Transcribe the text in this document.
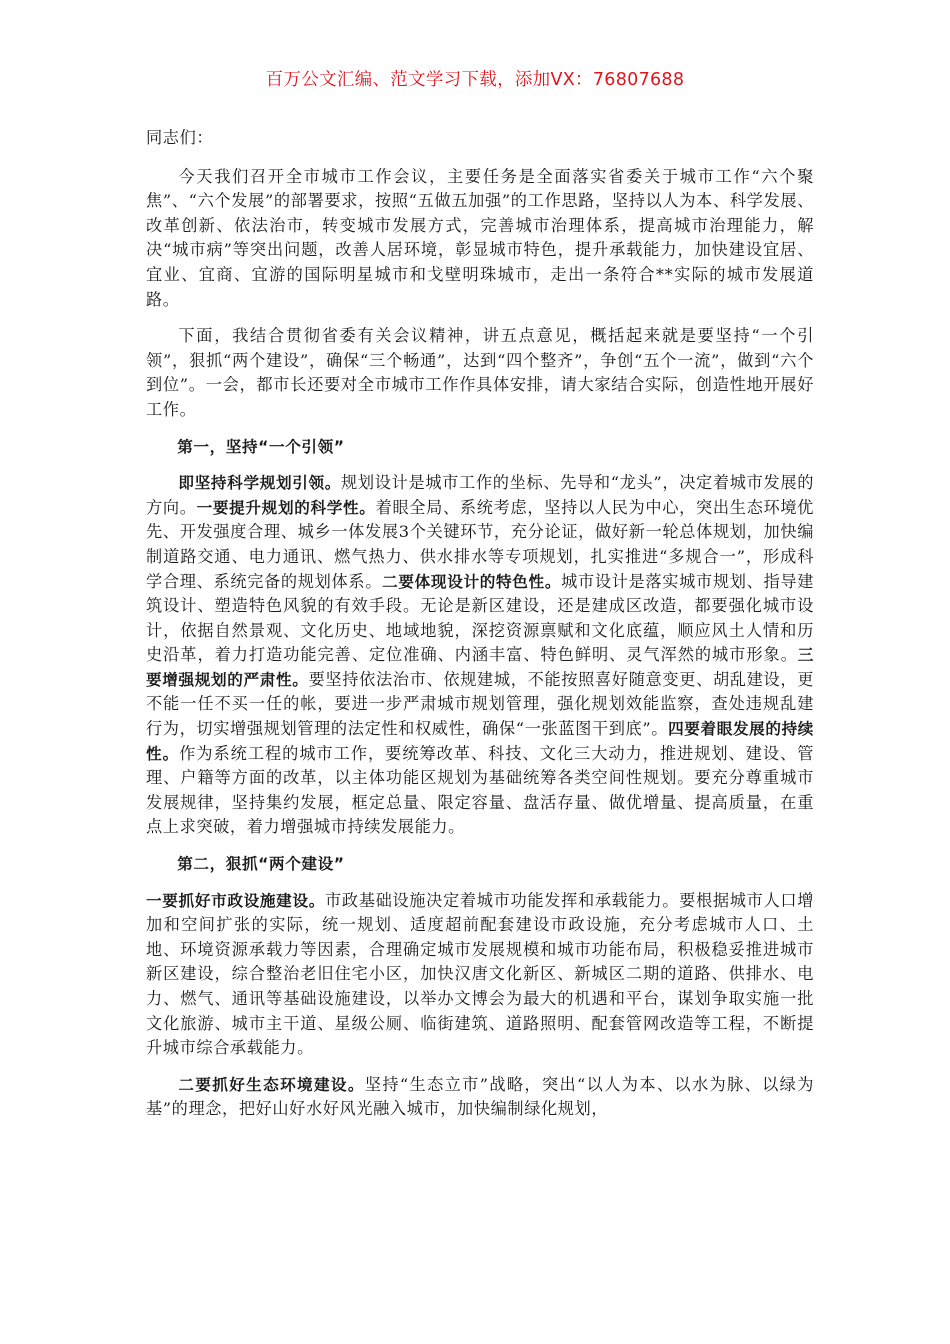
百万公文汇编、范文学习下载，添加VX：76807688

同志们：

今天我们召开全市城市工作会议，主要任务是全面落实省委关于城市工作“六个聚焦”、“六个发展”的部署要求，按照“五做五加强”的工作思路，坚持以人为本、科学发展、改革创新、依法治市，转变城市发展方式，完善城市治理体系，提高城市治理能力，解决“城市病”等突出问题，改善人居环境，彰显城市特色，提升承载能力，加快建设宜居、宜业、宜商、宜游的国际明星城市和戈壁明珠城市，走出一条符合**实际的城市发展道路。

下面，我结合贯彻省委有关会议精神，讲五点意见，概括起来就是要坚持“一个引领”，狠抓“两个建设”，确保“三个畅通”，达到“四个整齐”，争创“五个一流”，做到“六个到位”。一会，都市长还要对全市城市工作作具体安排，请大家结合实际，创造性地开展好工作。

第一，坚持“一个引领”

即坚持科学规划引领。规划设计是城市工作的坐标、先导和“龙头”，决定着城市发展的方向。一要提升规划的科学性。着眼全局、系统考虑，坚持以人民为中心，突出生态环境优先、开发强度合理、城乡一体发展3个关键环节，充分论证，做好新一轮总体规划，加快编制道路交通、电力通讯、燃气热力、供水排水等专项规划，扎实推进“多规合一”，形成科学合理、系统完备的规划体系。二要体现设计的特色性。城市设计是落实城市规划、指导建筑设计、塑造特色风貌的有效手段。无论是新区建设，还是建成区改造，都要强化城市设计，依据自然景观、文化历史、地域地貌，深挖资源禀赋和文化底蕴，顺应风土人情和历史沿革，着力打造功能完善、定位准确、内涵丰富、特色鲜明、灵气浑然的城市形象。三要增强规划的严肃性。要坚持依法治市、依规建城，不能按照喜好随意变更、胡乱建设，更不能一任不买一任的帐，要进一步严肃城市规划管理，强化规划效能监察，查处违规乱建行为，切实增强规划管理的法定性和权威性，确保“一张蓝图干到底”。四要着眼发展的持续性。作为系统工程的城市工作，要统筹改革、科技、文化三大动力，推进规划、建设、管理、户籍等方面的改革，以主体功能区规划为基础统筹各类空间性规划。要充分尊重城市发展规律，坚持集约发展，框定总量、限定容量、盘活存量、做优增量、提高质量，在重点上求突破，着力增强城市持续发展能力。

第二，狠抓“两个建设”

一要抓好市政设施建设。市政基础设施决定着城市功能发挥和承载能力。要根据城市人口增加和空间扩张的实际，统一规划、适度超前配套建设市政设施，充分考虑城市人口、土地、环境资源承载力等因素，合理确定城市发展规模和城市功能布局，积极稳妥推进城市新区建设，综合整治老旧住宅小区，加快汉唐文化新区、新城区二期的道路、供排水、电力、燃气、通讯等基础设施建设，以举办文博会为最大的机遇和平台，谋划争取实施一批文化旅游、城市主干道、星级公厕、临街建筑、道路照明、配套管网改造等工程，不断提升城市综合承载能力。

二要抓好生态环境建设。坚持“生态立市”战略，突出“以人为本、以水为脉、以绿为基”的理念，把好山好水好风光融入城市，加快编制绿化规划，
